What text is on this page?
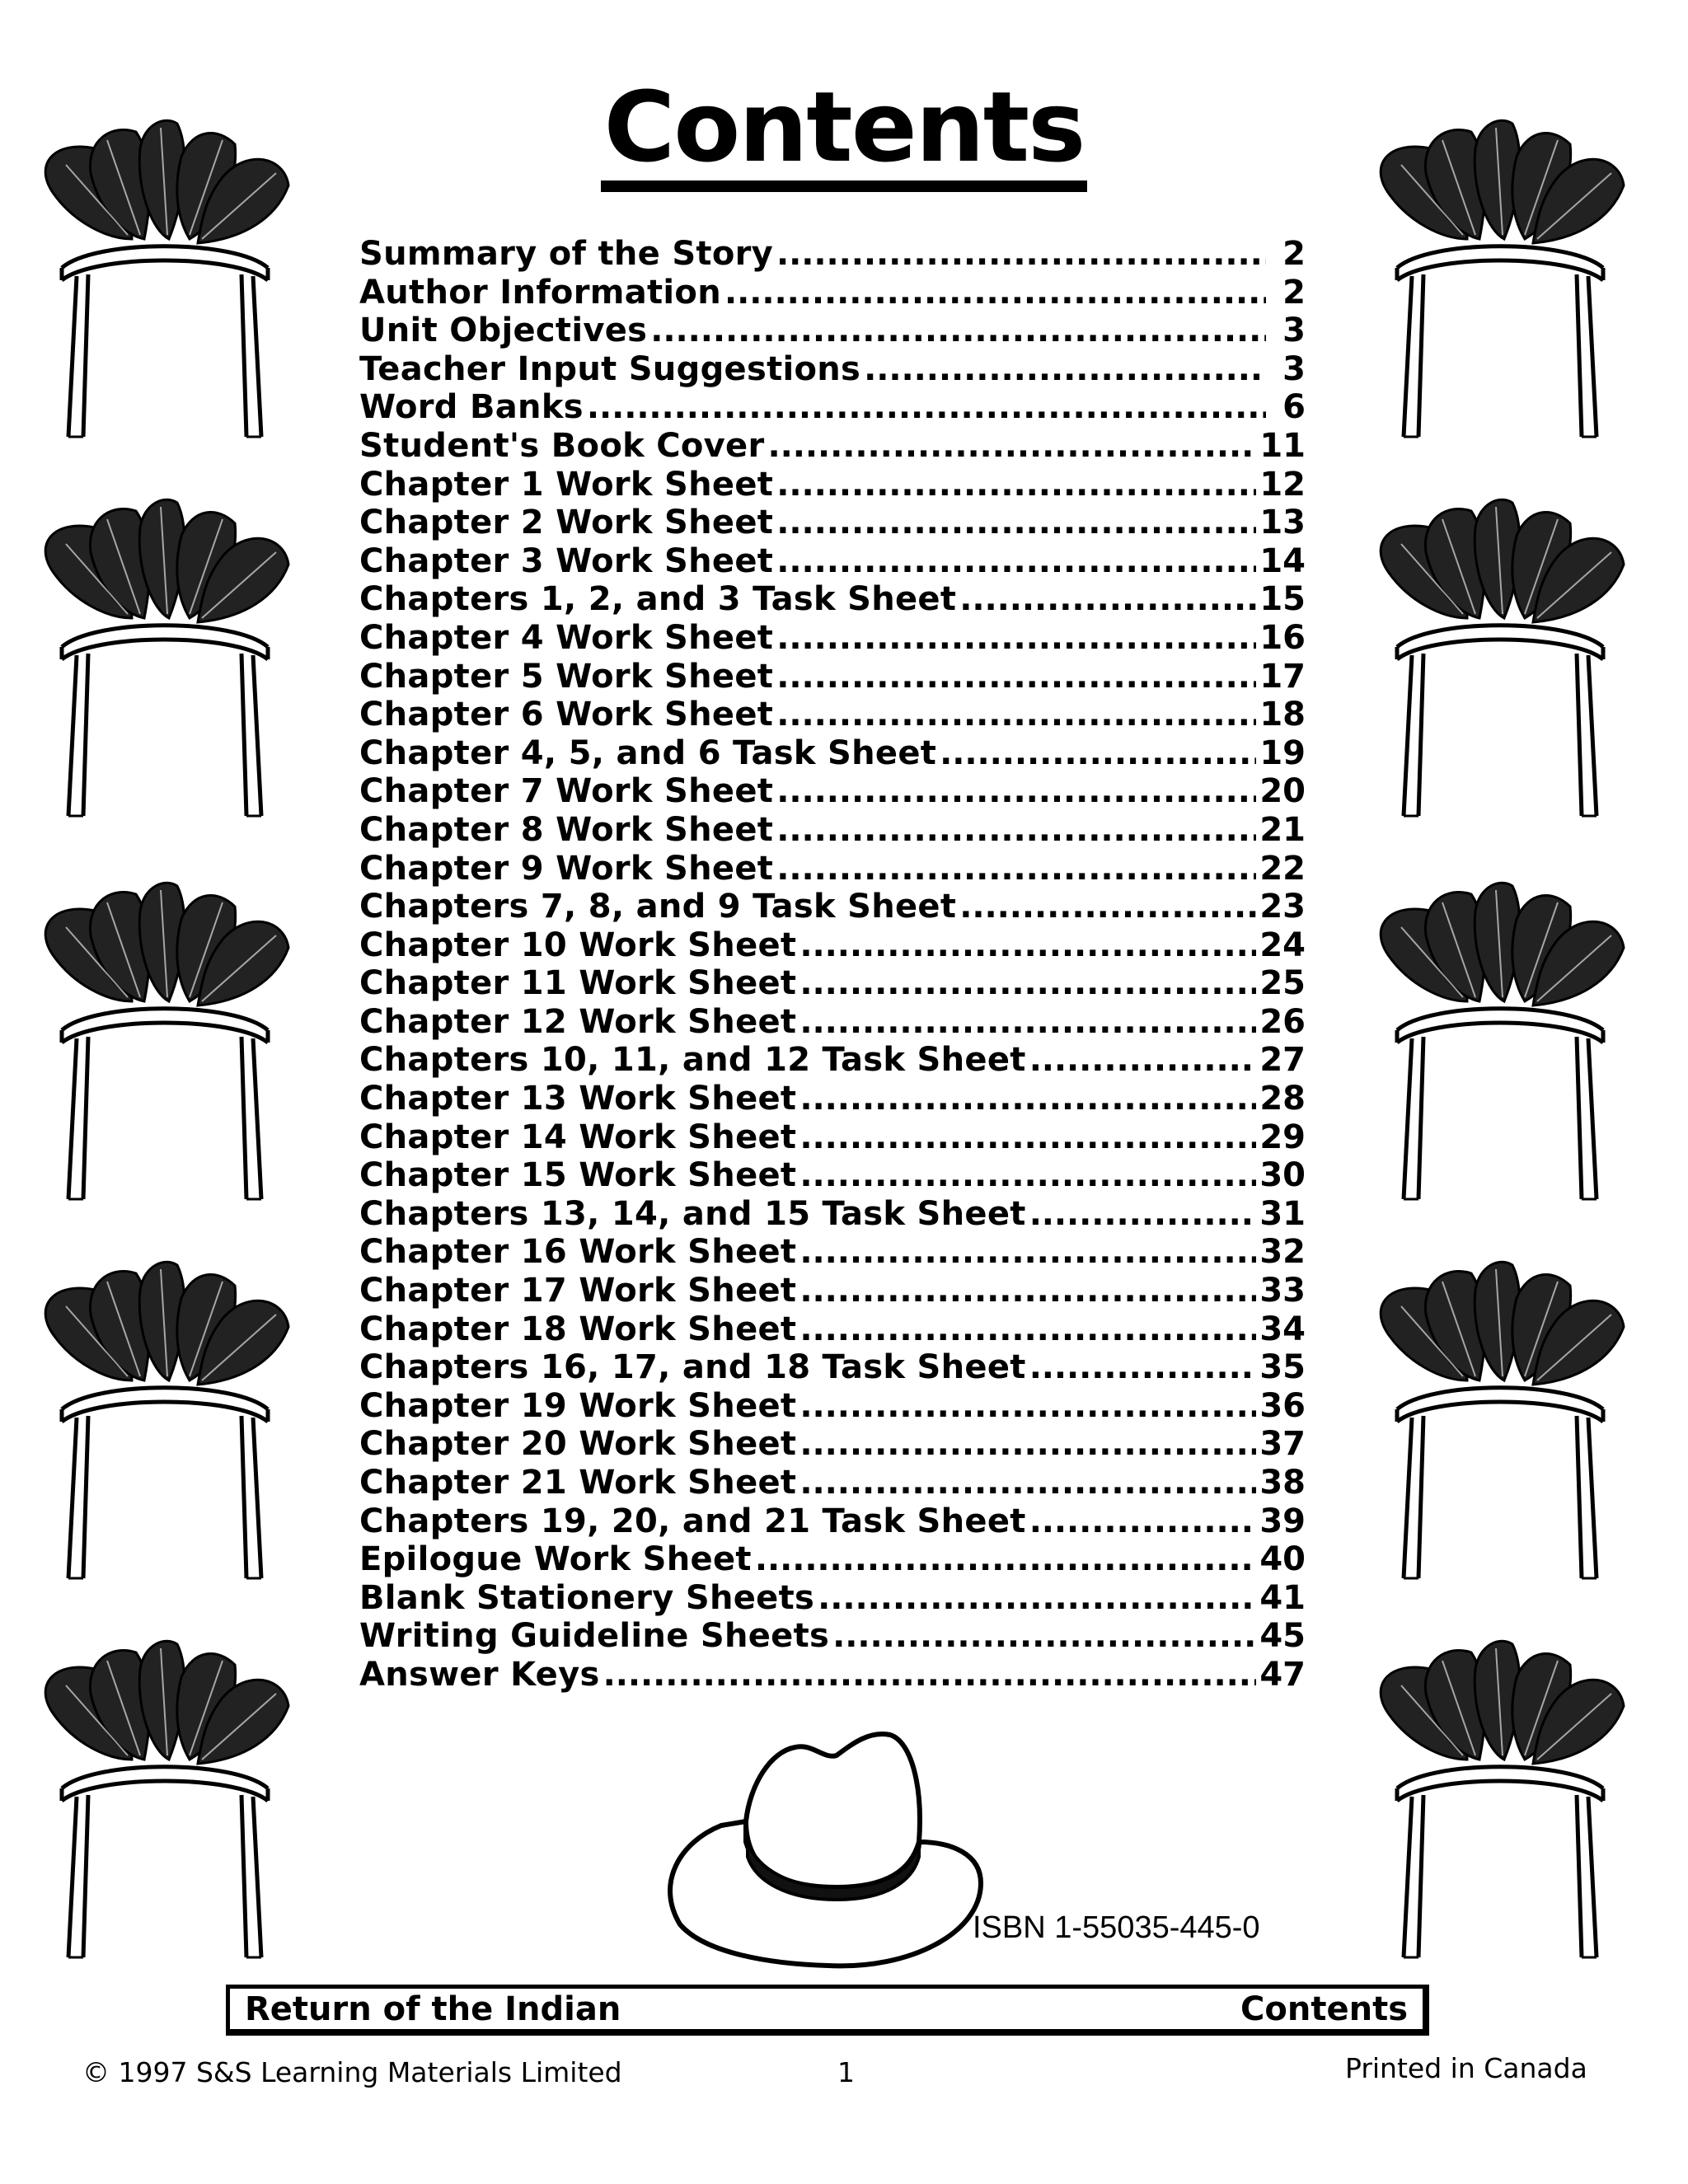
Contents
Summary of the Story . . .	2
Author Information . . .	2
Unit Objectives . . .	3
Teacher Input Suggestions . . .	3
Word Banks . . .	6
Student's Book Cover . . .	11
Chapter 1 Work Sheet . . .	12
Chapter 2 Work Sheet . . .	13
Chapter 3 Work Sheet . . .	14
Chapters 1, 2, and 3 Task Sheet . . .	15
Chapter 4 Work Sheet . . .	16
Chapter 5 Work Sheet . . .	17
Chapter 6 Work Sheet . . .	18
Chapter 4, 5, and 6 Task Sheet . . .	19
Chapter 7 Work Sheet . . .	20
Chapter 8 Work Sheet . . .	21
Chapter 9 Work Sheet . . .	22
Chapters 7, 8, and 9 Task Sheet . . .	23
Chapter 10 Work Sheet . . .	24
Chapter 11 Work Sheet . . .	25
Chapter 12 Work Sheet . . .	26
Chapters 10, 11, and 12 Task Sheet . . .	27
Chapter 13 Work Sheet . . .	28
Chapter 14 Work Sheet . . .	29
Chapter 15 Work Sheet . . .	30
Chapters 13, 14, and 15 Task Sheet . . .	31
Chapter 16 Work Sheet . . .	32
Chapter 17 Work Sheet . . .	33
Chapter 18 Work Sheet . . .	34
Chapters 16, 17, and 18 Task Sheet . . .	35
Chapter 19 Work Sheet . . .	36
Chapter 20 Work Sheet . . .	37
Chapter 21 Work Sheet . . .	38
Chapters 19, 20, and 21 Task Sheet . . .	39
Epilogue Work Sheet . . .	40
Blank Stationery Sheets . . .	41
Writing Guideline Sheets . . .	45
Answer Keys . . .	47
ISBN 1-55035-445-0
Return of the Indian	Contents
© 1997 S&S Learning Materials Limited	1	Printed in Canada
